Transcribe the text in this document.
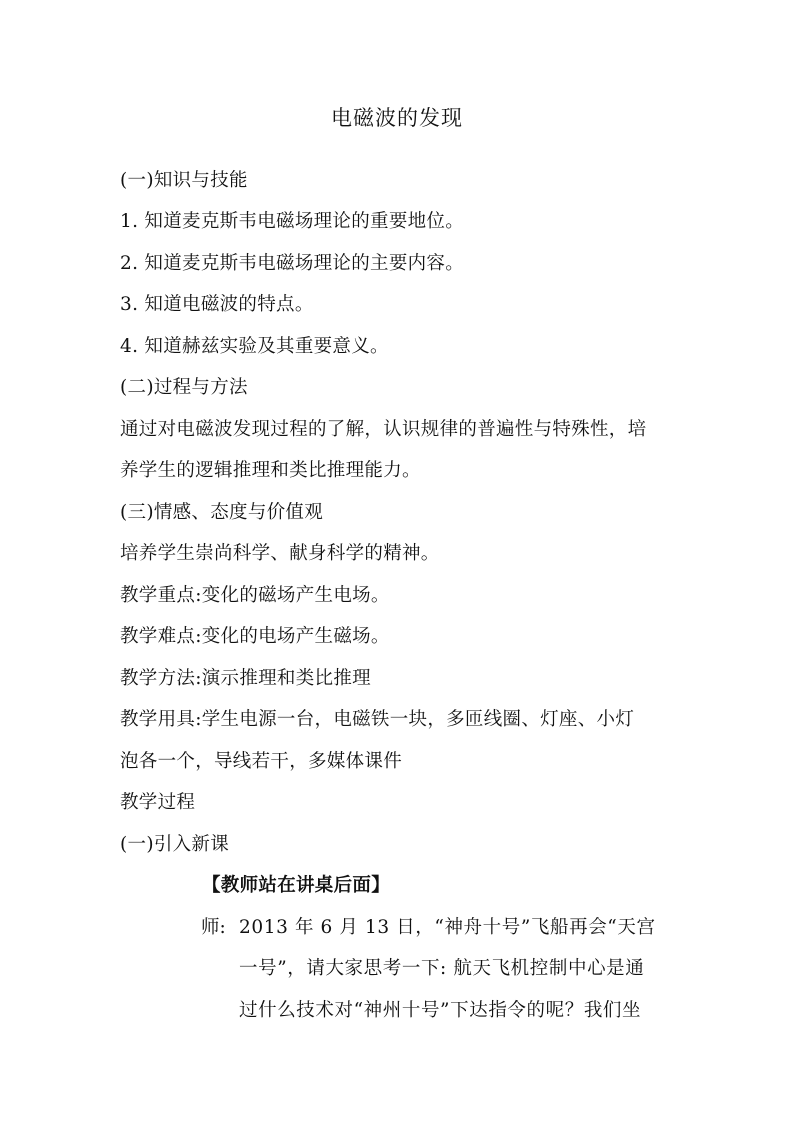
电磁波的发现
(一)知识与技能
1. 知道麦克斯韦电磁场理论的重要地位。
2. 知道麦克斯韦电磁场理论的主要内容。
3. 知道电磁波的特点。
4. 知道赫兹实验及其重要意义。
(二)过程与方法
通过对电磁波发现过程的了解，认识规律的普遍性与特殊性，培
养学生的逻辑推理和类比推理能力。
(三)情感、态度与价值观
培养学生崇尚科学、献身科学的精神。
教学重点:变化的磁场产生电场。
教学难点:变化的电场产生磁场。
教学方法:演示推理和类比推理
教学用具:学生电源一台，电磁铁一块，多匝线圈、灯座、小灯
泡各一个，导线若干，多媒体课件
教学过程
(一)引入新课
【教师站在讲桌后面】
师: 2013 年 6 月 13 日，“神舟十号”飞船再会“天宫
一号”，请大家思考一下: 航天飞机控制中心是通
过什么技术对“神州十号”下达指令的呢？我们坐
